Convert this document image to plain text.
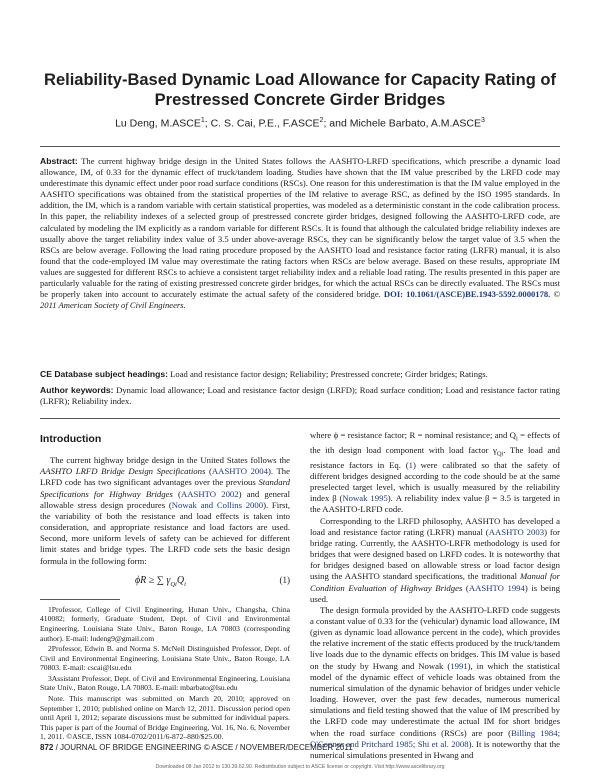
Reliability-Based Dynamic Load Allowance for Capacity Rating of Prestressed Concrete Girder Bridges
Lu Deng, M.ASCE$^1$; C. S. Cai, P.E., F.ASCE$^2$; and Michele Barbato, A.M.ASCE$^3$
Abstract: The current highway bridge design in the United States follows the AASHTO-LRFD specifications, which prescribe a dynamic load allowance, IM, of 0.33 for the dynamic effect of truck/tandem loading. Studies have shown that the IM value prescribed by the LRFD code may underestimate this dynamic effect under poor road surface conditions (RSCs). One reason for this underestimation is that the IM value employed in the AASHTO specifications was obtained from the statistical properties of the IM relative to average RSC, as defined by the ISO 1995 standards. In addition, the IM, which is a random variable with certain statistical properties, was modeled as a deterministic constant in the code calibration process. In this paper, the reliability indexes of a selected group of prestressed concrete girder bridges, designed following the AASHTO-LRFD code, are calculated by modeling the IM explicitly as a random variable for different RSCs. It is found that although the calculated bridge reliability indexes are usually above the target reliability index value of 3.5 under above-average RSCs, they can be significantly below the target value of 3.5 when the RSCs are below average. Following the load rating procedure proposed by the AASHTO load and resistance factor rating (LRFR) manual, it is also found that the code-employed IM value may overestimate the rating factors when RSCs are below average. Based on these results, appropriate IM values are suggested for different RSCs to achieve a consistent target reliability index and a reliable load rating. The results presented in this paper are particularly valuable for the rating of existing prestressed concrete girder bridges, for which the actual RSCs can be directly evaluated. The RSCs must be properly taken into account to accurately estimate the actual safety of the considered bridge. DOI: 10.1061/(ASCE)BE.1943-5592.0000178. © 2011 American Society of Civil Engineers.
CE Database subject headings: Load and resistance factor design; Reliability; Prestressed concrete; Girder bridges; Ratings.
Author keywords: Dynamic load allowance; Load and resistance factor design (LRFD); Road surface condition; Load and resistance factor rating (LRFR); Reliability index.
Introduction

The current highway bridge design in the United States follows the AASHTO LRFD Bridge Design Specifications (AASHTO 2004). The LRFD code has two significant advantages over the previous Standard Specifications for Highway Bridges (AASHTO 2002) and general allowable stress design procedures (Nowak and Collins 2000). First, the variability of both the resistance and load effects is taken into consideration, and appropriate resistance and load factors are used. Second, more uniform levels of safety can be achieved for different limit states and bridge types. The LRFD code sets the basic design formula in the following form:

ϕR ≥ ∑ $\gamma_{Qi}Q_i$	(1)
1Professor, College of Civil Engineering, Hunan Univ., Changsha, China 410082; formerly, Graduate Student, Dept. of Civil and Environmental Engineering, Louisiana State Univ., Baton Rouge, LA 70803 (corresponding author). E-mail: ludeng9@gmail.com
2Professor, Edwin B. and Norma S. McNeil Distinguished Professor, Dept. of Civil and Environmental Engineering, Louisiana State Univ., Baton Rouge, LA 70803. E-mail: cscai@lsu.edu
3Assistant Professor, Dept. of Civil and Environmental Engineering, Louisiana State Univ., Baton Rouge, LA 70803. E-mail: mbarbato@lsu.edu
Note. This manuscript was submitted on March 20, 2010; approved on September 1, 2010; published online on March 12, 2011. Discussion period open until April 1, 2012; separate discussions must be submitted for individual papers. This paper is part of the Journal of Bridge Engineering, Vol. 16, No. 6, November 1, 2011. ©ASCE, ISSN 1084-0702/2011/6-872–880/$25.00.

where ϕ = resistance factor; R = nominal resistance; and $Q_i$ = effects of the ith design load component with load factor $\gamma_{Qi}$. The load and resistance factors in Eq. (1) were calibrated so that the safety of different bridges designed according to the code should be at the same preselected target level, which is usually measured by the reliability index β (Nowak 1995). A reliability index value β = 3.5 is targeted in the AASHTO-LRFD code.

Corresponding to the LRFD philosophy, AASHTO has developed a load and resistance factor rating (LRFR) manual (AASHTO 2003) for bridge rating. Currently, the AASHTO-LRFR methodology is used for bridges that were designed based on LRFD codes. It is noteworthy that for bridges designed based on allowable stress or load factor design using the AASHTO standard specifications, the traditional Manual for Condition Evaluation of Highway Bridges (AASHTO 1994) is being used.

The design formula provided by the AASHTO-LRFD code suggests a constant value of 0.33 for the (vehicular) dynamic load allowance, IM (given as dynamic load allowance percent in the code), which provides the relative increment of the static effects produced by the truck/tandem live loads due to the dynamic effects on bridges. This IM value is based on the study by Hwang and Nowak (1991), in which the statistical model of the dynamic effect of vehicle loads was obtained from the numerical simulation of the dynamic behavior of bridges under vehicle loading. However, over the past few decades, numerous numerical simulations and field testing showed that the value of IM prescribed by the LRFD code may underestimate the actual IM for short bridges when the road surface conditions (RSCs) are poor (Billing 1984; O'Connor and Pritchard 1985; Shi et al. 2008). It is noteworthy that the numerical simulations presented in Hwang and

872 / JOURNAL OF BRIDGE ENGINEERING © ASCE / NOVEMBER/DECEMBER 2011
Downloaded 08 Jan 2012 to 130.39.62.90. Redistribution subject to ASCE license or copyright. Visit http://www.ascelibrary.org
